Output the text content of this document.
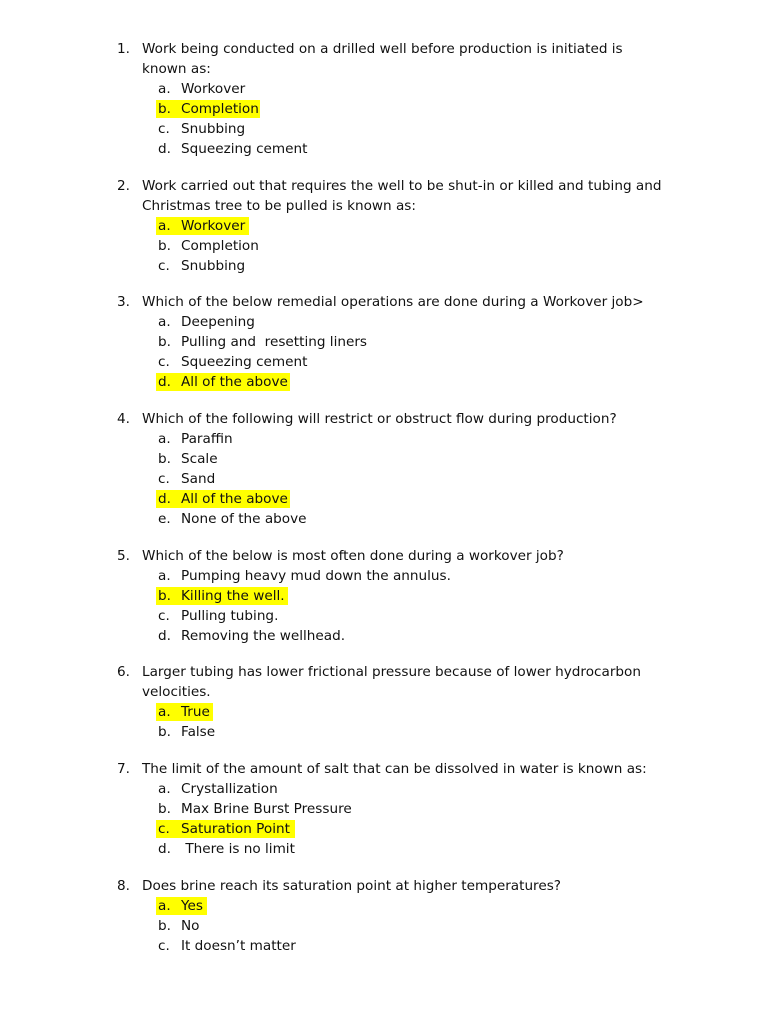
1. Work being conducted on a drilled well before production is initiated is
known as:
a. Workover
b. Completion
c. Snubbing
d. Squeezing cement
2. Work carried out that requires the well to be shut-in or killed and tubing and
Christmas tree to be pulled is known as:
a. Workover
b. Completion
c. Snubbing
3. Which of the below remedial operations are done during a Workover job>
a. Deepening
b. Pulling and  resetting liners
c. Squeezing cement
d. All of the above
4. Which of the following will restrict or obstruct flow during production?
a. Paraffin
b. Scale
c. Sand
d. All of the above
e. None of the above
5. Which of the below is most often done during a workover job?
a. Pumping heavy mud down the annulus.
b. Killing the well.
c. Pulling tubing.
d. Removing the wellhead.
6. Larger tubing has lower frictional pressure because of lower hydrocarbon
velocities.
a. True
b. False
7. The limit of the amount of salt that can be dissolved in water is known as:
a. Crystallization
b. Max Brine Burst Pressure
c. Saturation Point
d. There is no limit
8. Does brine reach its saturation point at higher temperatures?
a. Yes
b. No
c. It doesn’t matter
